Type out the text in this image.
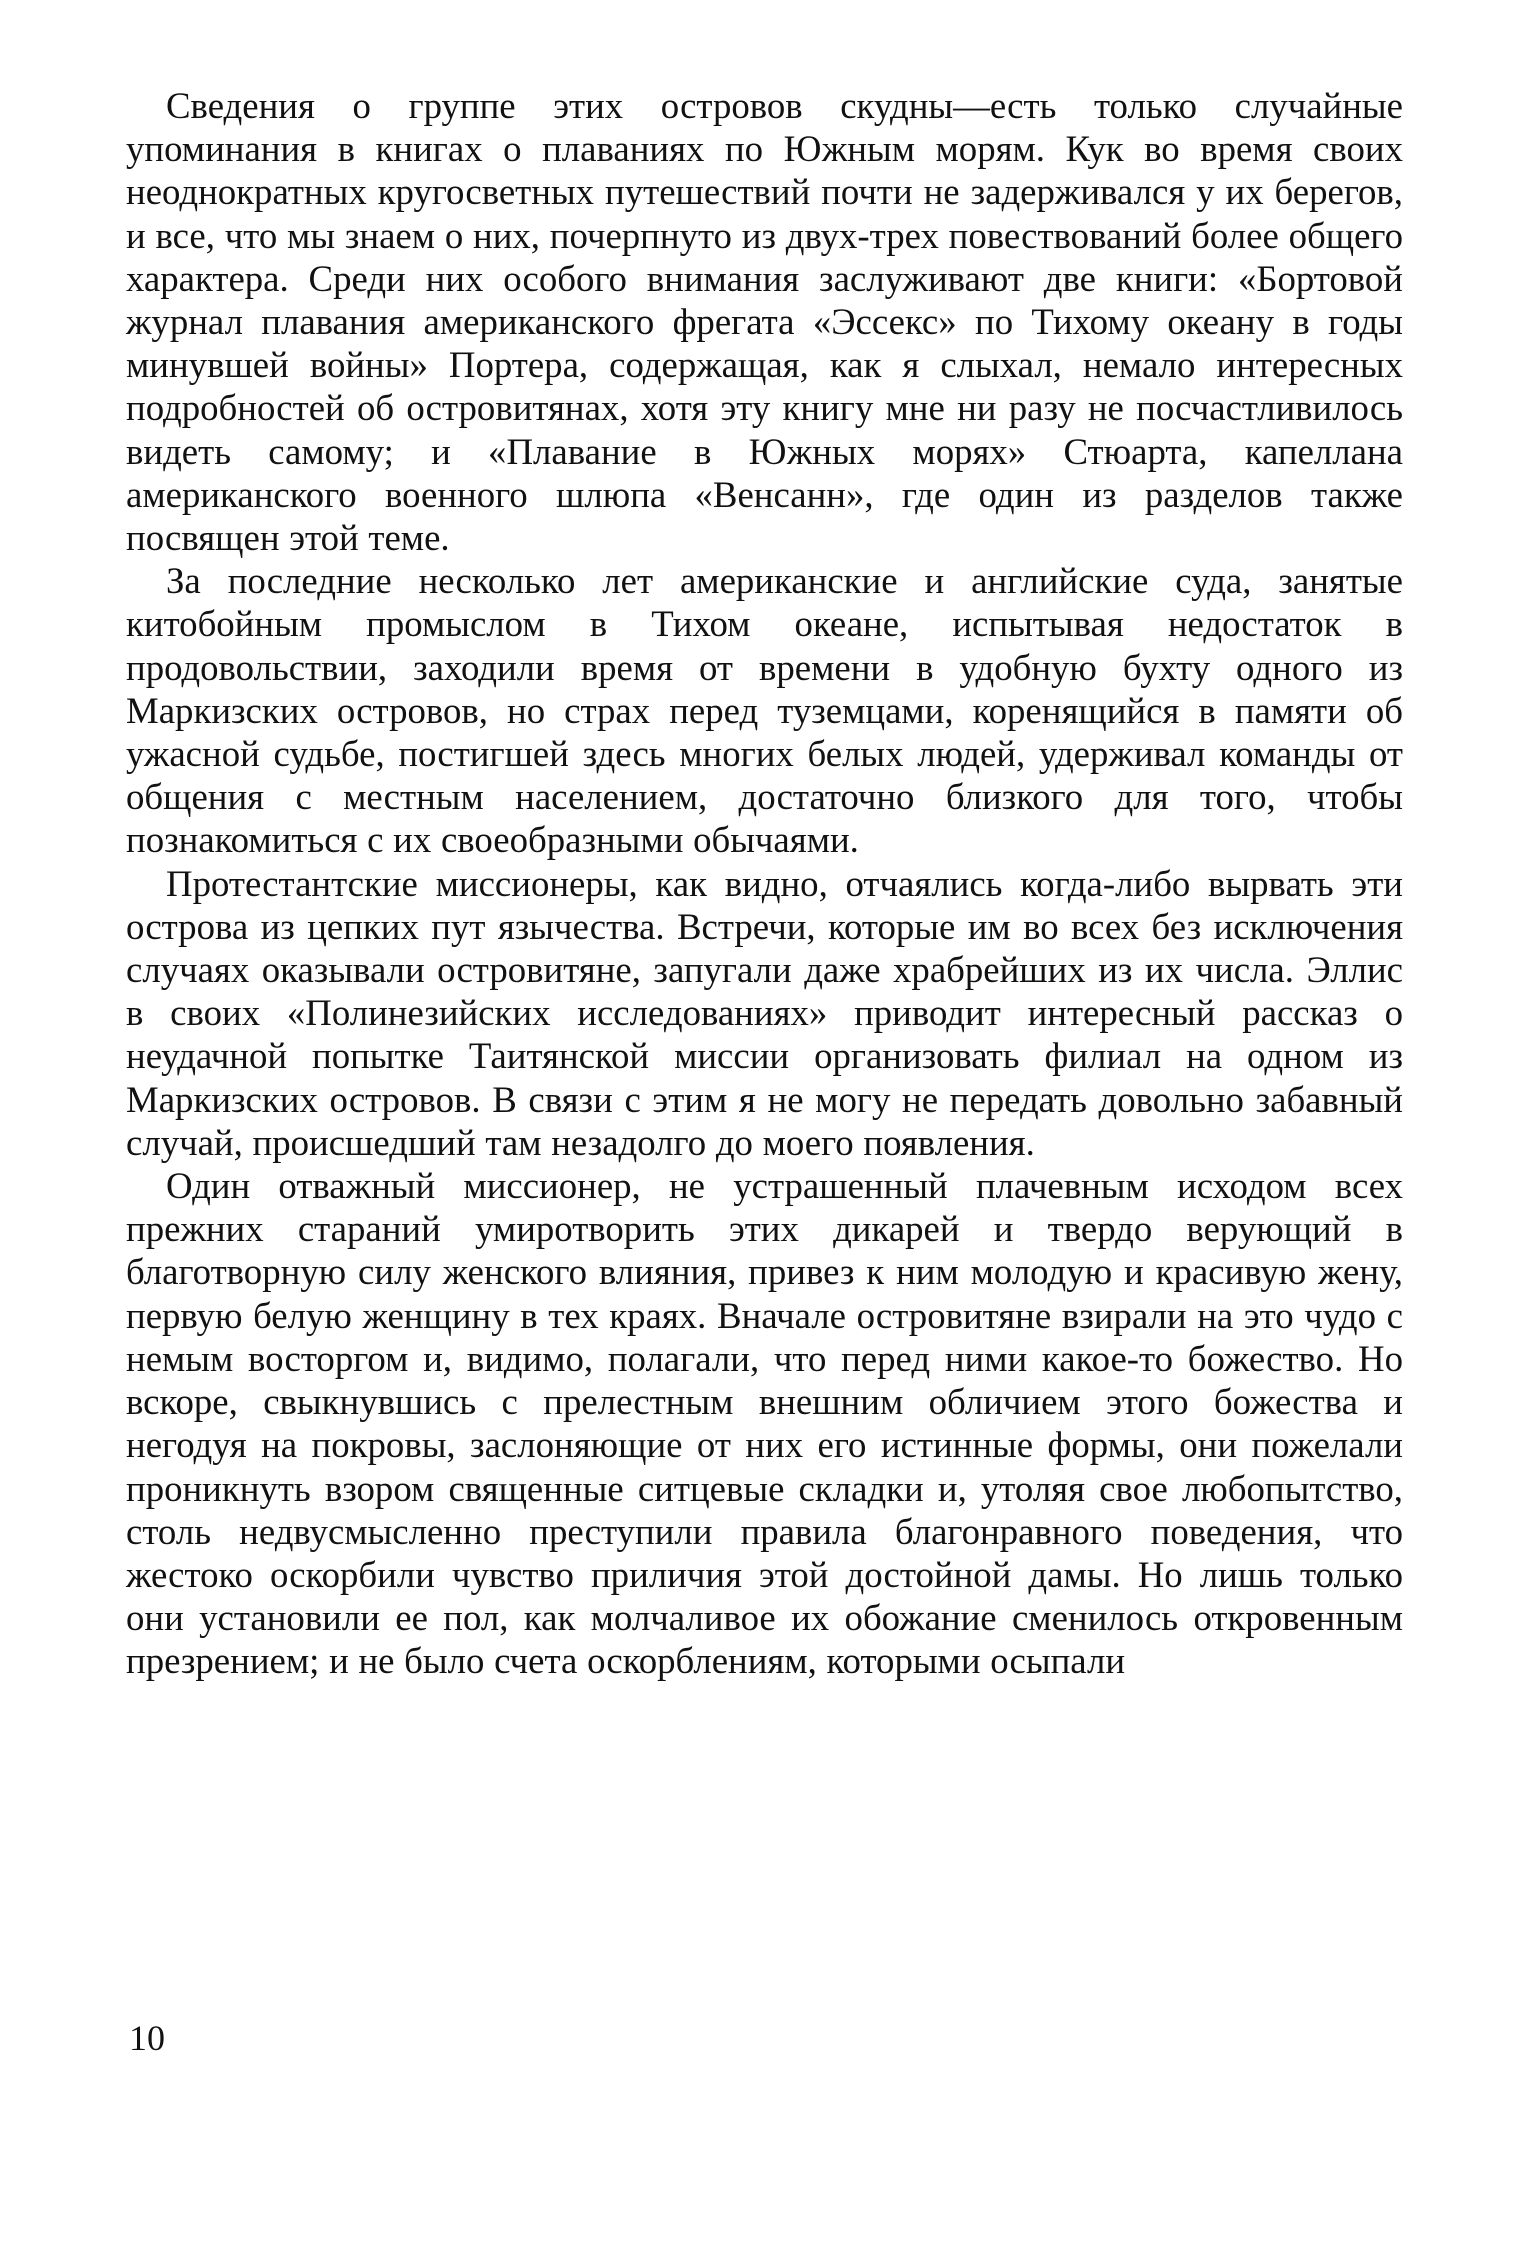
Сведения о группе этих островов скудны—есть только случайные упоминания в книгах о плаваниях по Южным морям. Кук во время своих неоднократных кругосветных путешествий почти не задерживался у их берегов, и все, что мы знаем о них, почерпнуто из двух-трех повествований более общего характера. Среди них особого внимания заслуживают две книги: «Бортовой журнал плавания американского фрегата «Эссекс» по Тихому океану в годы минувшей войны» Портера, содержащая, как я слыхал, немало интересных подробностей об островитянах, хотя эту книгу мне ни разу не посчастливилось видеть самому; и «Плавание в Южных морях» Стюарта, капеллана американского военного шлюпа «Венсанн», где один из разделов также посвящен этой теме.

За последние несколько лет американские и английские суда, занятые китобойным промыслом в Тихом океане, испытывая недостаток в продовольствии, заходили время от времени в удобную бухту одного из Маркизских островов, но страх перед туземцами, коренящийся в памяти об ужасной судьбе, постигшей здесь многих белых людей, удерживал команды от общения с местным населением, достаточно близкого для того, чтобы познакомиться с их своеобразными обычаями.

Протестантские миссионеры, как видно, отчаялись когда-либо вырвать эти острова из цепких пут язычества. Встречи, которые им во всех без исключения случаях оказывали островитяне, запугали даже храбрейших из их числа. Эллис в своих «Полинезийских исследованиях» приводит интересный рассказ о неудачной попытке Таитянской миссии организовать филиал на одном из Маркизских островов. В связи с этим я не могу не передать довольно забавный случай, происшедший там незадолго до моего появления.

Один отважный миссионер, не устрашенный плачевным исходом всех прежних стараний умиротворить этих дикарей и твердо верующий в благотворную силу женского влияния, привез к ним молодую и красивую жену, первую белую женщину в тех краях. Вначале островитяне взирали на это чудо с немым восторгом и, видимо, полагали, что перед ними какое-то божество. Но вскоре, свыкнувшись с прелестным внешним обличием этого божества и негодуя на покровы, заслоняющие от них его истинные формы, они пожелали проникнуть взором священные ситцевые складки и, утоляя свое любопытство, столь недвусмысленно преступили правила благонравного поведения, что жестоко оскорбили чувство приличия этой достойной дамы. Но лишь только они установили ее пол, как молчаливое их обожание сменилось откровенным презрением; и не было счета оскорблениям, которыми осыпали

10
